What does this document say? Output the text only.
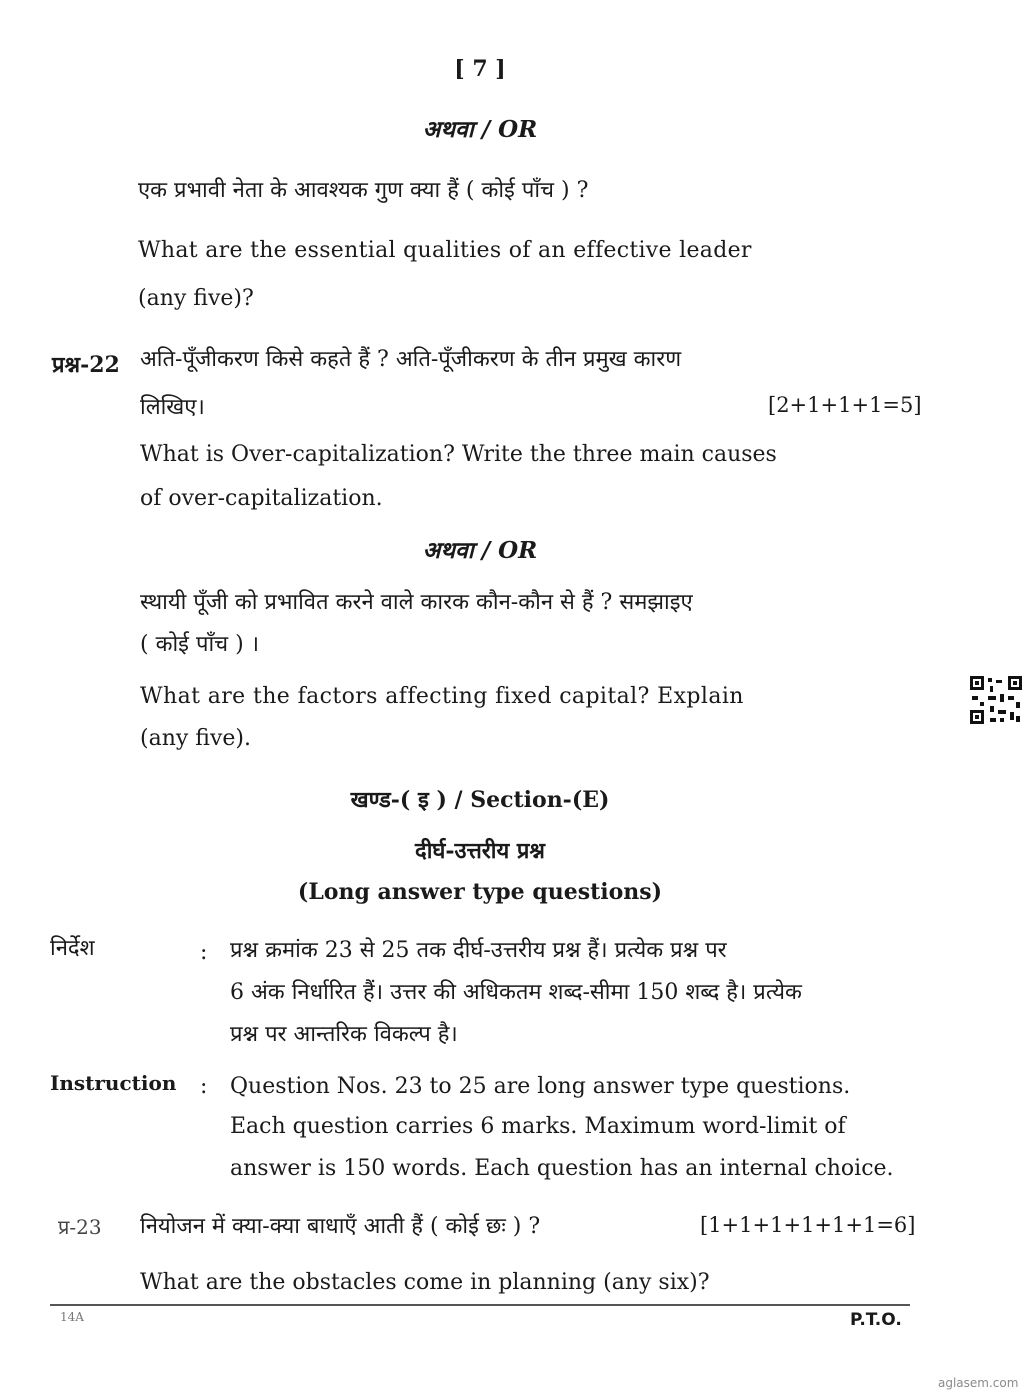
[ 7 ]
अथवा / OR
एक प्रभावी नेता के आवश्यक गुण क्या हैं ( कोई पाँच ) ?
What are the essential qualities of an effective leader
(any five)?
प्रश्न-22 अति-पूँजीकरण किसे कहते हैं ? अति-पूँजीकरण के तीन प्रमुख कारण
लिखिए।	[2+1+1+1=5]
What is Over-capitalization? Write the three main causes
of over-capitalization.
अथवा / OR
स्थायी पूँजी को प्रभावित करने वाले कारक कौन-कौन से हैं ? समझाइए
( कोई पाँच ) ।
What are the factors affecting fixed capital? Explain
(any five).
खण्ड-( इ ) / Section-(E)
दीर्घ-उत्तरीय प्रश्न
(Long answer type questions)
निर्देश	: प्रश्न क्रमांक 23 से 25 तक दीर्घ-उत्तरीय प्रश्न हैं। प्रत्येक प्रश्न पर
6 अंक निर्धारित हैं। उत्तर की अधिकतम शब्द-सीमा 150 शब्द है। प्रत्येक
प्रश्न पर आन्तरिक विकल्प है।
Instruction : Question Nos. 23 to 25 are long answer type questions.
Each question carries 6 marks. Maximum word-limit of
answer is 150 words. Each question has an internal choice.
प्र-23 नियोजन में क्या-क्या बाधाएँ आती हैं ( कोई छः ) ?	[1+1+1+1+1+1=6]
What are the obstacles come in planning (any six)?
14A	P.T.O.
aglasem.com
